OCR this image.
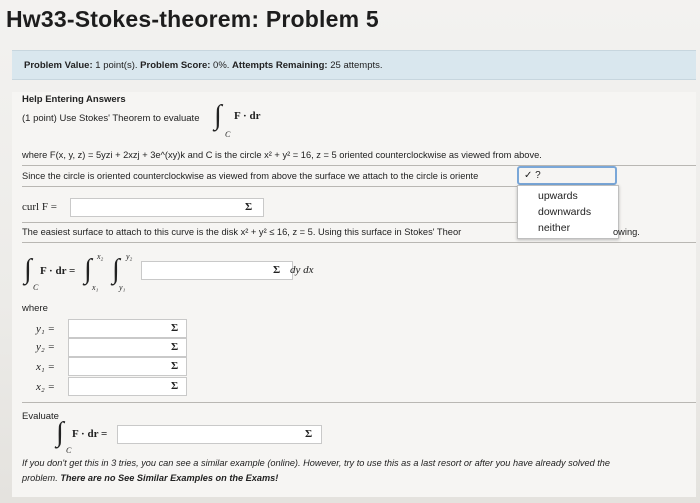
Hw33-Stokes-theorem: Problem 5
Problem Value: 1 point(s). Problem Score: 0%. Attempts Remaining: 25 attempts.
Help Entering Answers
(1 point) Use Stokes' Theorem to evaluate ∫
C
F · dr
where F(x, y, z) = 5yzi + 2xzj + 3e^(xy)k and C is the circle x² + y² = 16, z = 5 oriented counterclockwise as viewed from above.
Since the circle is oriented counterclockwise as viewed from above the surface we attach to the circle is oriente	✓ ?
upwards
downwards
neither
curl F =	Σ
The easiest surface to attach to this curve is the disk x² + y² ≤ 16, z = 5. Using this surface in Stokes' Theor	owing.
∫
C
F · dr = ∫ x₂
x₁
∫ y₂
y₁
Σ dy dx
where
y₁ =	Σ
y₂ =	Σ
x₁ =	Σ
x₂ =	Σ
Evaluate
∫
C
F · dr =	Σ
If you don't get this in 3 tries, you can see a similar example (online). However, try to use this as a last resort or after you have already solved the
problem. There are no See Similar Examples on the Exams!
